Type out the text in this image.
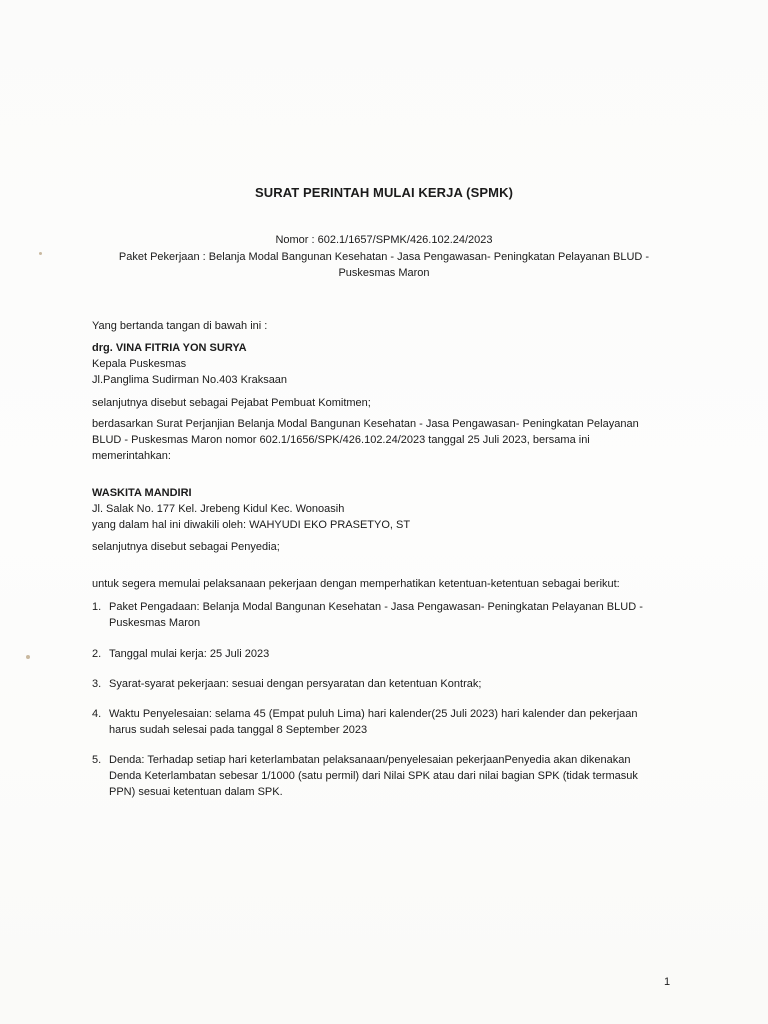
SURAT PERINTAH MULAI KERJA (SPMK)
Nomor : 602.1/1657/SPMK/426.102.24/2023
Paket Pekerjaan : Belanja Modal Bangunan Kesehatan - Jasa Pengawasan- Peningkatan Pelayanan BLUD -
Puskesmas Maron
Yang bertanda tangan di bawah ini :
drg. VINA FITRIA YON SURYA
Kepala Puskesmas
Jl.Panglima Sudirman No.403 Kraksaan
selanjutnya disebut sebagai Pejabat Pembuat Komitmen;
berdasarkan Surat Perjanjian Belanja Modal Bangunan Kesehatan - Jasa Pengawasan- Peningkatan Pelayanan BLUD - Puskesmas Maron nomor 602.1/1656/SPK/426.102.24/2023 tanggal 25 Juli 2023, bersama ini memerintahkan:
WASKITA MANDIRI
Jl. Salak No. 177 Kel. Jrebeng Kidul Kec. Wonoasih
yang dalam hal ini diwakili oleh: WAHYUDI EKO PRASETYO, ST
selanjutnya disebut sebagai Penyedia;
untuk segera memulai pelaksanaan pekerjaan dengan memperhatikan ketentuan-ketentuan sebagai berikut:
1. Paket Pengadaan: Belanja Modal Bangunan Kesehatan - Jasa Pengawasan- Peningkatan Pelayanan BLUD - Puskesmas Maron
2. Tanggal mulai kerja: 25 Juli 2023
3. Syarat-syarat pekerjaan: sesuai dengan persyaratan dan ketentuan Kontrak;
4. Waktu Penyelesaian: selama 45 (Empat puluh Lima) hari kalender(25 Juli 2023) hari kalender dan pekerjaan harus sudah selesai pada tanggal 8 September 2023
5. Denda: Terhadap setiap hari keterlambatan pelaksanaan/penyelesaian pekerjaanPenyedia akan dikenakan Denda Keterlambatan sebesar 1/1000 (satu permil) dari Nilai SPK atau dari nilai bagian SPK (tidak termasuk PPN) sesuai ketentuan dalam SPK.
1
